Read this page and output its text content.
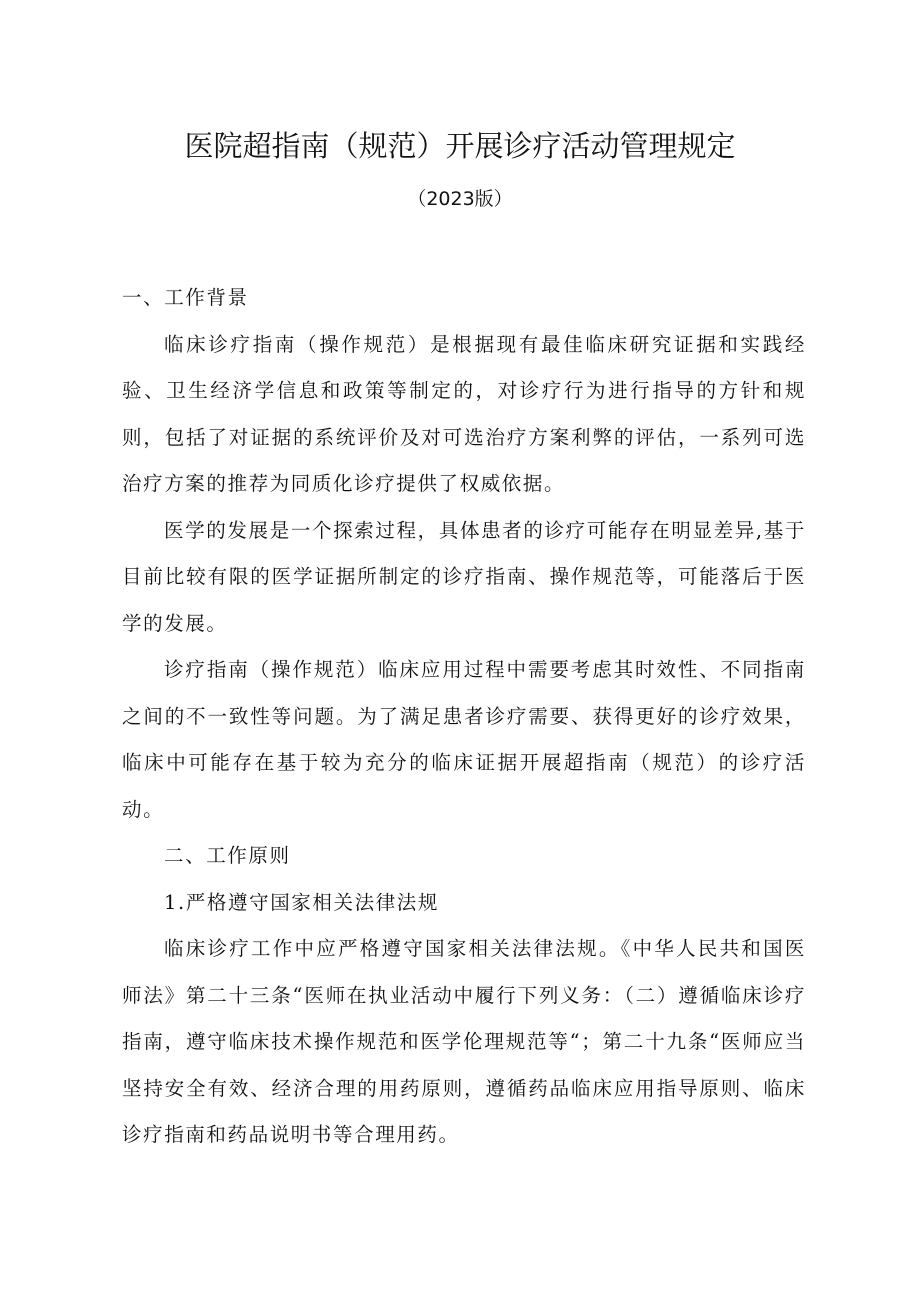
医院超指南（规范）开展诊疗活动管理规定
（2023版）

一、工作背景

临床诊疗指南（操作规范）是根据现有最佳临床研究证据和实践经验、卫生经济学信息和政策等制定的，对诊疗行为进行指导的方针和规则，包括了对证据的系统评价及对可选治疗方案利弊的评估，一系列可选治疗方案的推荐为同质化诊疗提供了权威依据。

医学的发展是一个探索过程，具体患者的诊疗可能存在明显差异,基于目前比较有限的医学证据所制定的诊疗指南、操作规范等，可能落后于医学的发展。

诊疗指南（操作规范）临床应用过程中需要考虑其时效性、不同指南之间的不一致性等问题。为了满足患者诊疗需要、获得更好的诊疗效果，临床中可能存在基于较为充分的临床证据开展超指南（规范）的诊疗活动。

二、工作原则

1.严格遵守国家相关法律法规

临床诊疗工作中应严格遵守国家相关法律法规。《中华人民共和国医师法》第二十三条“医师在执业活动中履行下列义务：（二）遵循临床诊疗指南，遵守临床技术操作规范和医学伦理规范等“；第二十九条“医师应当坚持安全有效、经济合理的用药原则，遵循药品临床应用指导原则、临床诊疗指南和药品说明书等合理用药。
